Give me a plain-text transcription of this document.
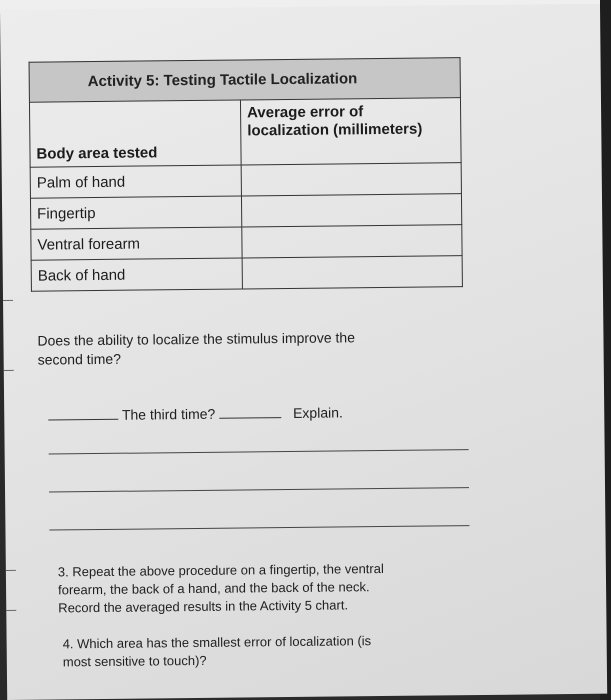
Activity 5: Testing Tactile Localization
Body area tested	Average error of
localization (millimeters)

Palm of hand	
Fingertip	
Ventral forearm	
Back of hand	
Does the ability to localize the stimulus improve the
second time?
The third time?	Explain.
3. Repeat the above procedure on a fingertip, the ventral
forearm, the back of a hand, and the back of the neck.
Record the averaged results in the Activity 5 chart.
4. Which area has the smallest error of localization (is
most sensitive to touch)?
